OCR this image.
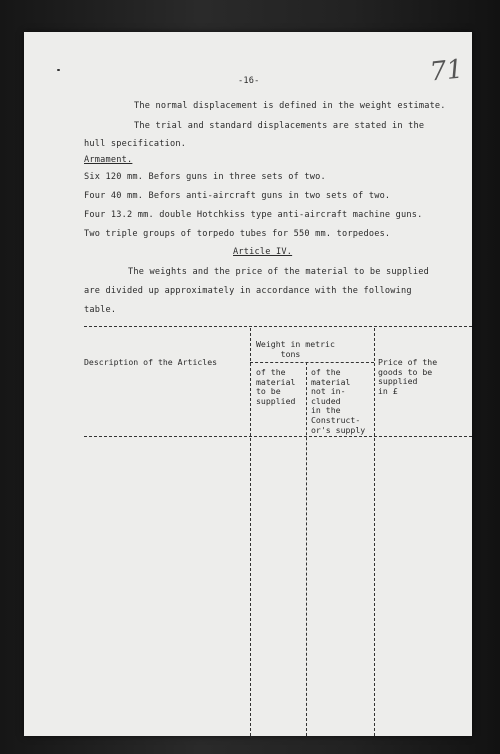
-16-	71

The normal displacement is defined in the weight estimate.

The trial and standard displacements are stated in the

hull specification.

Armament.

Six 120 mm. Befors guns in three sets of two.

Four 40 mm. Befors anti-aircraft guns in two sets of two.

Four 13.2 mm. double Hotchkiss type anti-aircraft machine guns.

Two triple groups of torpedo tubes for 550 mm. torpedoes.

Article IV.

The weights and the price of the material to be supplied

are divided up approximately in accordance with the following

table.

Description of the Articles

Weight in metric
tons

of the
material
to be
supplied

of the
material
not in-
cluded
in the
Construct-
or's supply

Price of the
goods to be
supplied
in £
